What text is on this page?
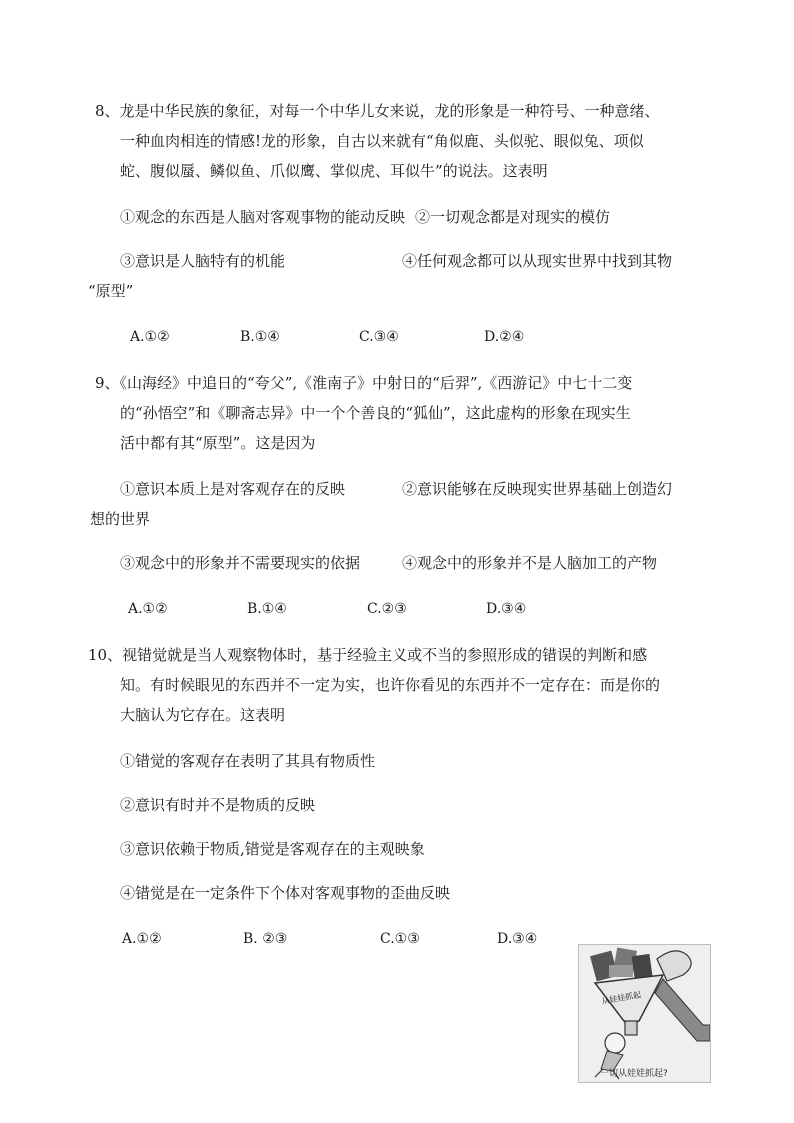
8、龙是中华民族的象征，对每一个中华儿女来说，龙的形象是一种符号、一种意绪、
一种血肉相连的情感!龙的形象，自古以来就有“角似鹿、头似驼、眼似兔、项似
蛇、腹似蜃、鳞似鱼、爪似鹰、掌似虎、耳似牛”的说法。这表明
①观念的东西是人脑对客观事物的能动反映 ②一切观念都是对现实的模仿
③意识是人脑特有的机能	④任何观念都可以从现实世界中找到其物
“原型”
A.①②	B.①④	C.③④	D.②④
9、《山海经》中追日的“夸父”,《淮南子》中射日的“后羿”,《西游记》中七十二变
的“孙悟空”和《聊斋志异》中一个个善良的“狐仙”，这此虚构的形象在现实生
活中都有其“原型”。这是因为
①意识本质上是对客观存在的反映	②意识能够在反映现实世界基础上创造幻
想的世界
③观念中的形象并不需要现实的依据	④观念中的形象并不是人脑加工的产物
A.①②	B.①④	C.②③	D.③④
10、视错觉就是当人观察物体时，基于经验主义或不当的参照形成的错误的判断和感
知。有时候眼见的东西并不一定为实，也许你看见的东西并不一定存在：而是你的
大脑认为它存在。这表明
①错觉的客观存在表明了其具有物质性
②意识有时并不是物质的反映
③意识依赖于物质,错觉是客观存在的主观映象
④错觉是在一定条件下个体对客观事物的歪曲反映
A.①②	B. ②③	C.①③	D.③④
从娃娃抓起
一切从娃娃抓起?
